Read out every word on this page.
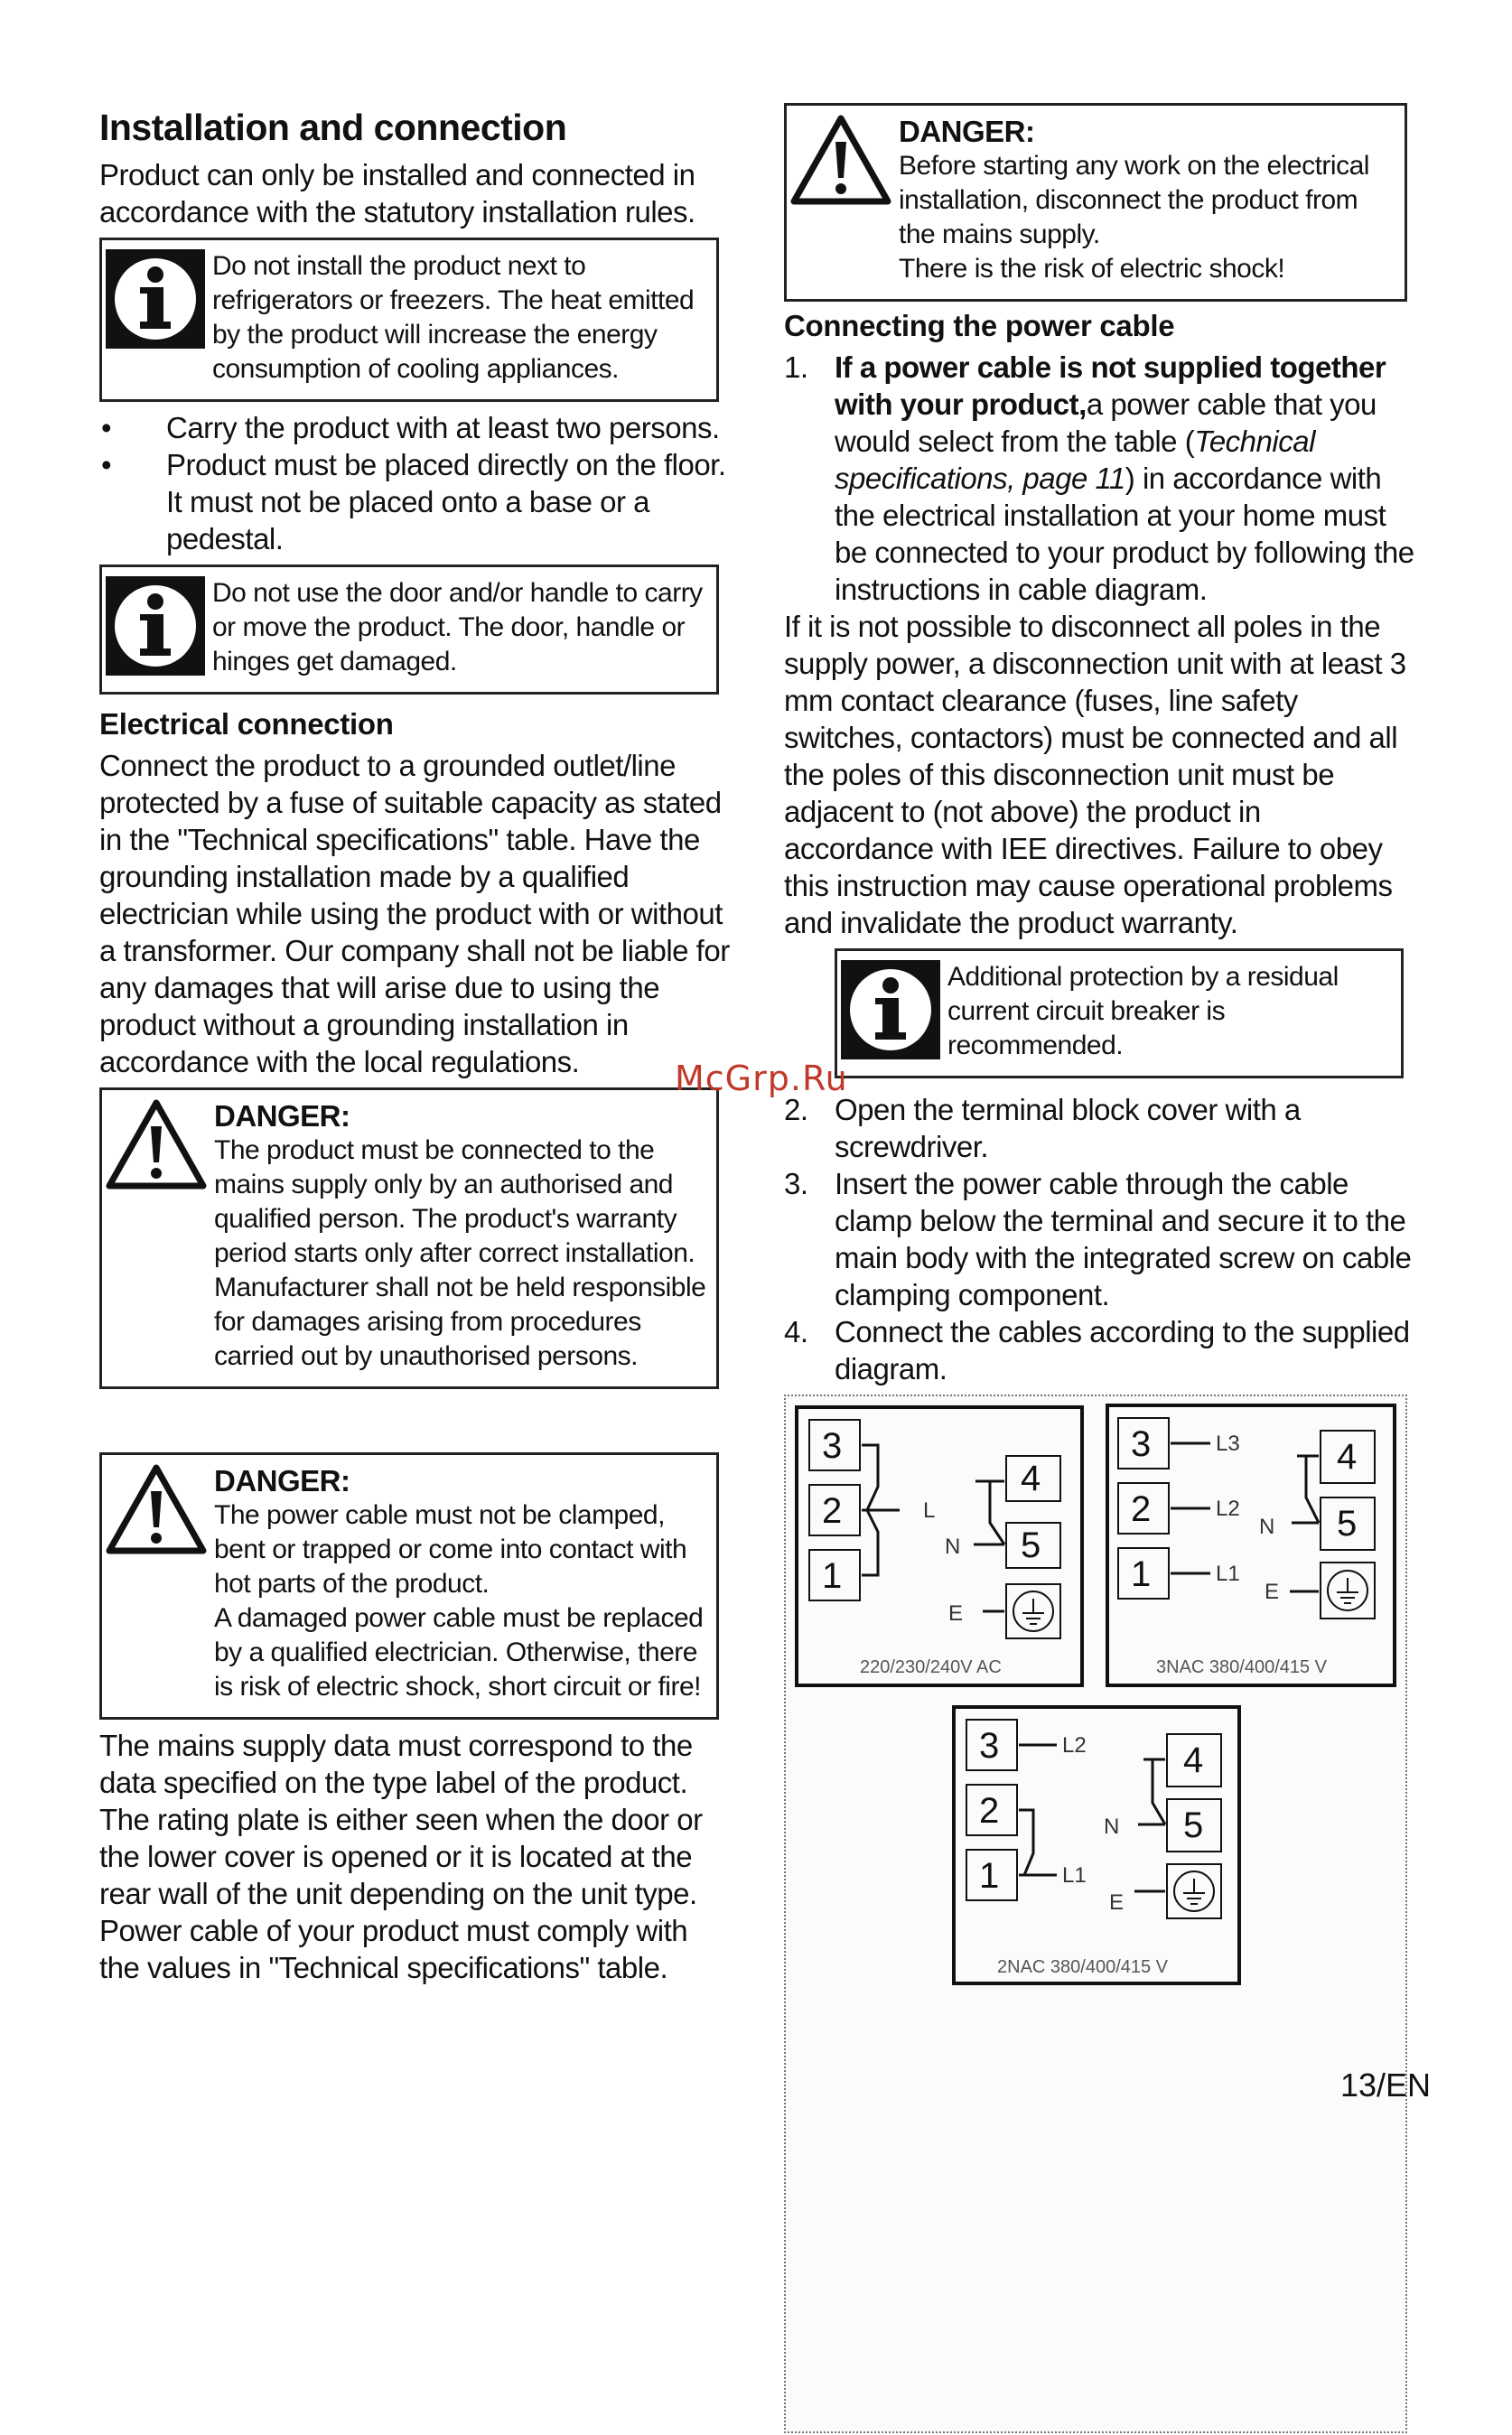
Installation and connection

Product can only be installed and connected in accordance with the statutory installation rules.

Do not install the product next to refrigerators or freezers. The heat emitted by the product will increase the energy consumption of cooling appliances.
•	Carry the product with at least two persons.
•	Product must be placed directly on the floor. It must not be placed onto a base or a pedestal.
Do not use the door and/or handle to carry or move the product. The door, handle or hinges get damaged.
Electrical connection

Connect the product to a grounded outlet/line protected by a fuse of suitable capacity as stated in the "Technical specifications" table. Have the grounding installation made by a qualified electrician while using the product with or without a transformer. Our company shall not be liable for any damages that will arise due to using the product without a grounding installation in accordance with the local regulations.

DANGER:
The product must be connected to the mains supply only by an authorised and qualified person. The product's warranty period starts only after correct installation.
Manufacturer shall not be held responsible for damages arising from procedures carried out by unauthorised persons.
DANGER:
The power cable must not be clamped, bent or trapped or come into contact with hot parts of the product.
A damaged power cable must be replaced by a qualified electrician. Otherwise, there is risk of electric shock, short circuit or fire!

The mains supply data must correspond to the data specified on the type label of the product. The rating plate is either seen when the door or the lower cover is opened or it is located at the rear wall of the unit depending on the unit type.

Power cable of your product must comply with the values in "Technical specifications" table.

DANGER:
Before starting any work on the electrical installation, disconnect the product from the mains supply.
There is the risk of electric shock!
Connecting the power cable
1. If a power cable is not supplied together with your product,a power cable that you would select from the table (Technical specifications, page 11) in accordance with the electrical installation at your home must be connected to your product by following the instructions in cable diagram.

If it is not possible to disconnect all poles in the supply power, a disconnection unit with at least 3 mm contact clearance (fuses, line safety switches, contactors) must be connected and all the poles of this disconnection unit must be adjacent to (not above) the product in accordance with IEE directives. Failure to obey this instruction may cause operational problems and invalidate the product warranty.

Additional protection by a residual current circuit breaker is recommended.
2. Open the terminal block cover with a screwdriver.
3. Insert the power cable through the cable clamp below the terminal and secure it to the main body with the integrated screw on cable clamping component.
4. Connect the cables according to the supplied diagram.
3
2
1
4
5
3
2
1
4
5
3
2
1
4
5
L
N
E
L3
L2
L1
N
E
L2
N
L1
E
220/230/240V AC	3NAC 380/400/415 V
2NAC 380/400/415 V
McGrp.Ru
13/EN
